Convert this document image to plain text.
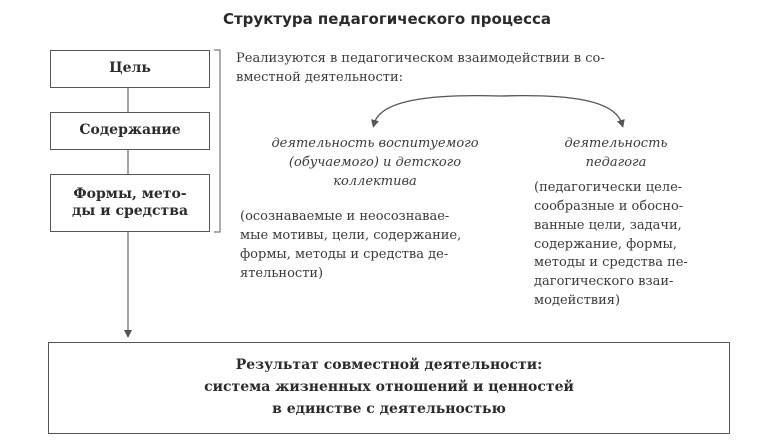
Структура педагогического процесса
Цель
Содержание
Формы, мето-
ды и средства
Реализуются в педагогическом взаимодействии в со-
вместной деятельности:
деятельность воспитуемого
(обучаемого) и детского
коллектива
(осознаваемые и неосознавае-
мые мотивы, цели, содержание,
формы, методы и средства де-
ятельности)
деятельность
педагога
(педагогически целе-
сообразные и обосно-
ванные цели, задачи,
содержание, формы,
методы и средства пе-
дагогического взаи-
модействия)
Результат совместной деятельности:
система жизненных отношений и ценностей
в единстве с деятельностью
